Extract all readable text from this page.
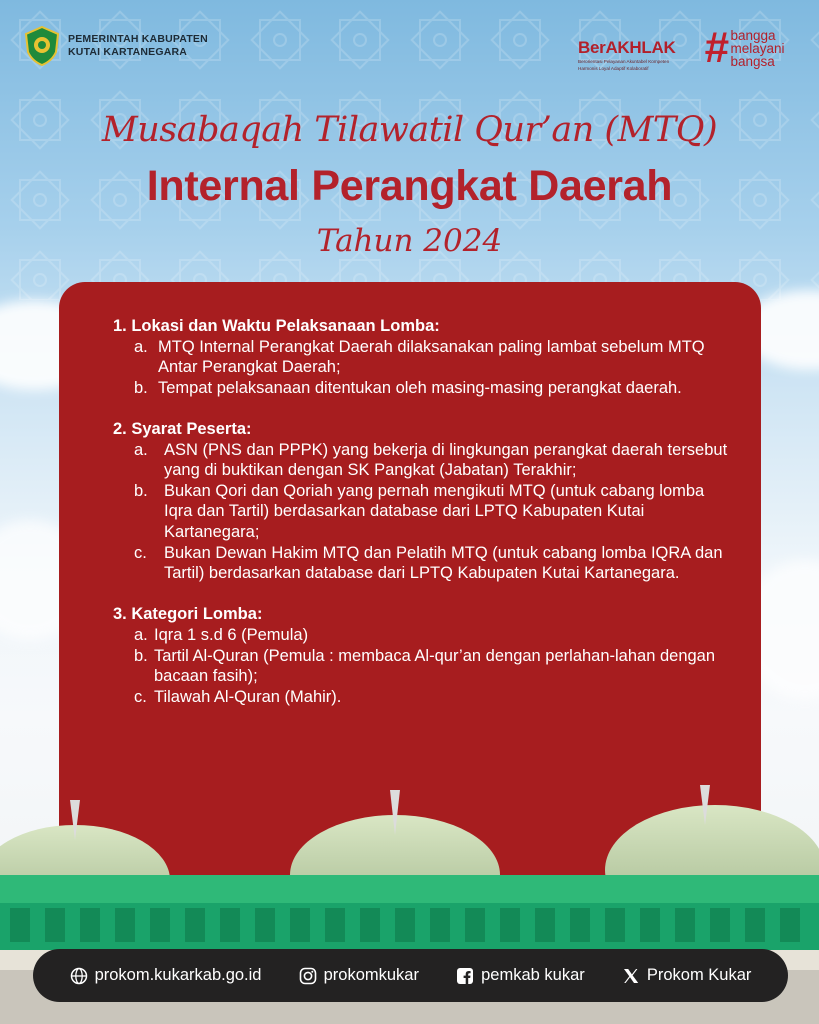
PEMERINTAH KABUPATEN
KUTAI KARTANEGARA	BerAKHLAK
Berorientasi Pelayanan Akuntabel Kompeten
Harmonis Loyal Adaptif Kolaboratif	# bangga
melayani
bangsa
Musabaqah Tilawatil Qur’an (MTQ)
Internal Perangkat Daerah
Tahun 2024
1. Lokasi dan Waktu Pelaksanaan Lomba:
a. MTQ Internal Perangkat Daerah dilaksanakan paling lambat sebelum MTQ Antar Perangkat Daerah;
b. Tempat pelaksanaan ditentukan oleh masing-masing perangkat daerah.
2. Syarat Peserta:
a. ASN (PNS dan PPPK) yang bekerja di lingkungan perangkat daerah tersebut yang di buktikan dengan SK Pangkat (Jabatan) Terakhir;
b. Bukan Qori dan Qoriah yang pernah mengikuti MTQ (untuk cabang lomba Iqra dan Tartil) berdasarkan database dari LPTQ Kabupaten Kutai Kartanegara;
c.	Bukan Dewan Hakim MTQ dan Pelatih MTQ (untuk cabang lomba IQRA dan Tartil) berdasarkan database dari LPTQ Kabupaten Kutai Kartanegara.
3. Kategori Lomba:
a. Iqra 1 s.d 6 (Pemula)
b. Tartil Al-Quran (Pemula : membaca Al-qur’an dengan perlahan-lahan dengan bacaan fasih);
c. Tilawah Al-Quran (Mahir).
prokom.kukarkab.go.id	prokomkukar	pemkab kukar	Prokom Kukar
